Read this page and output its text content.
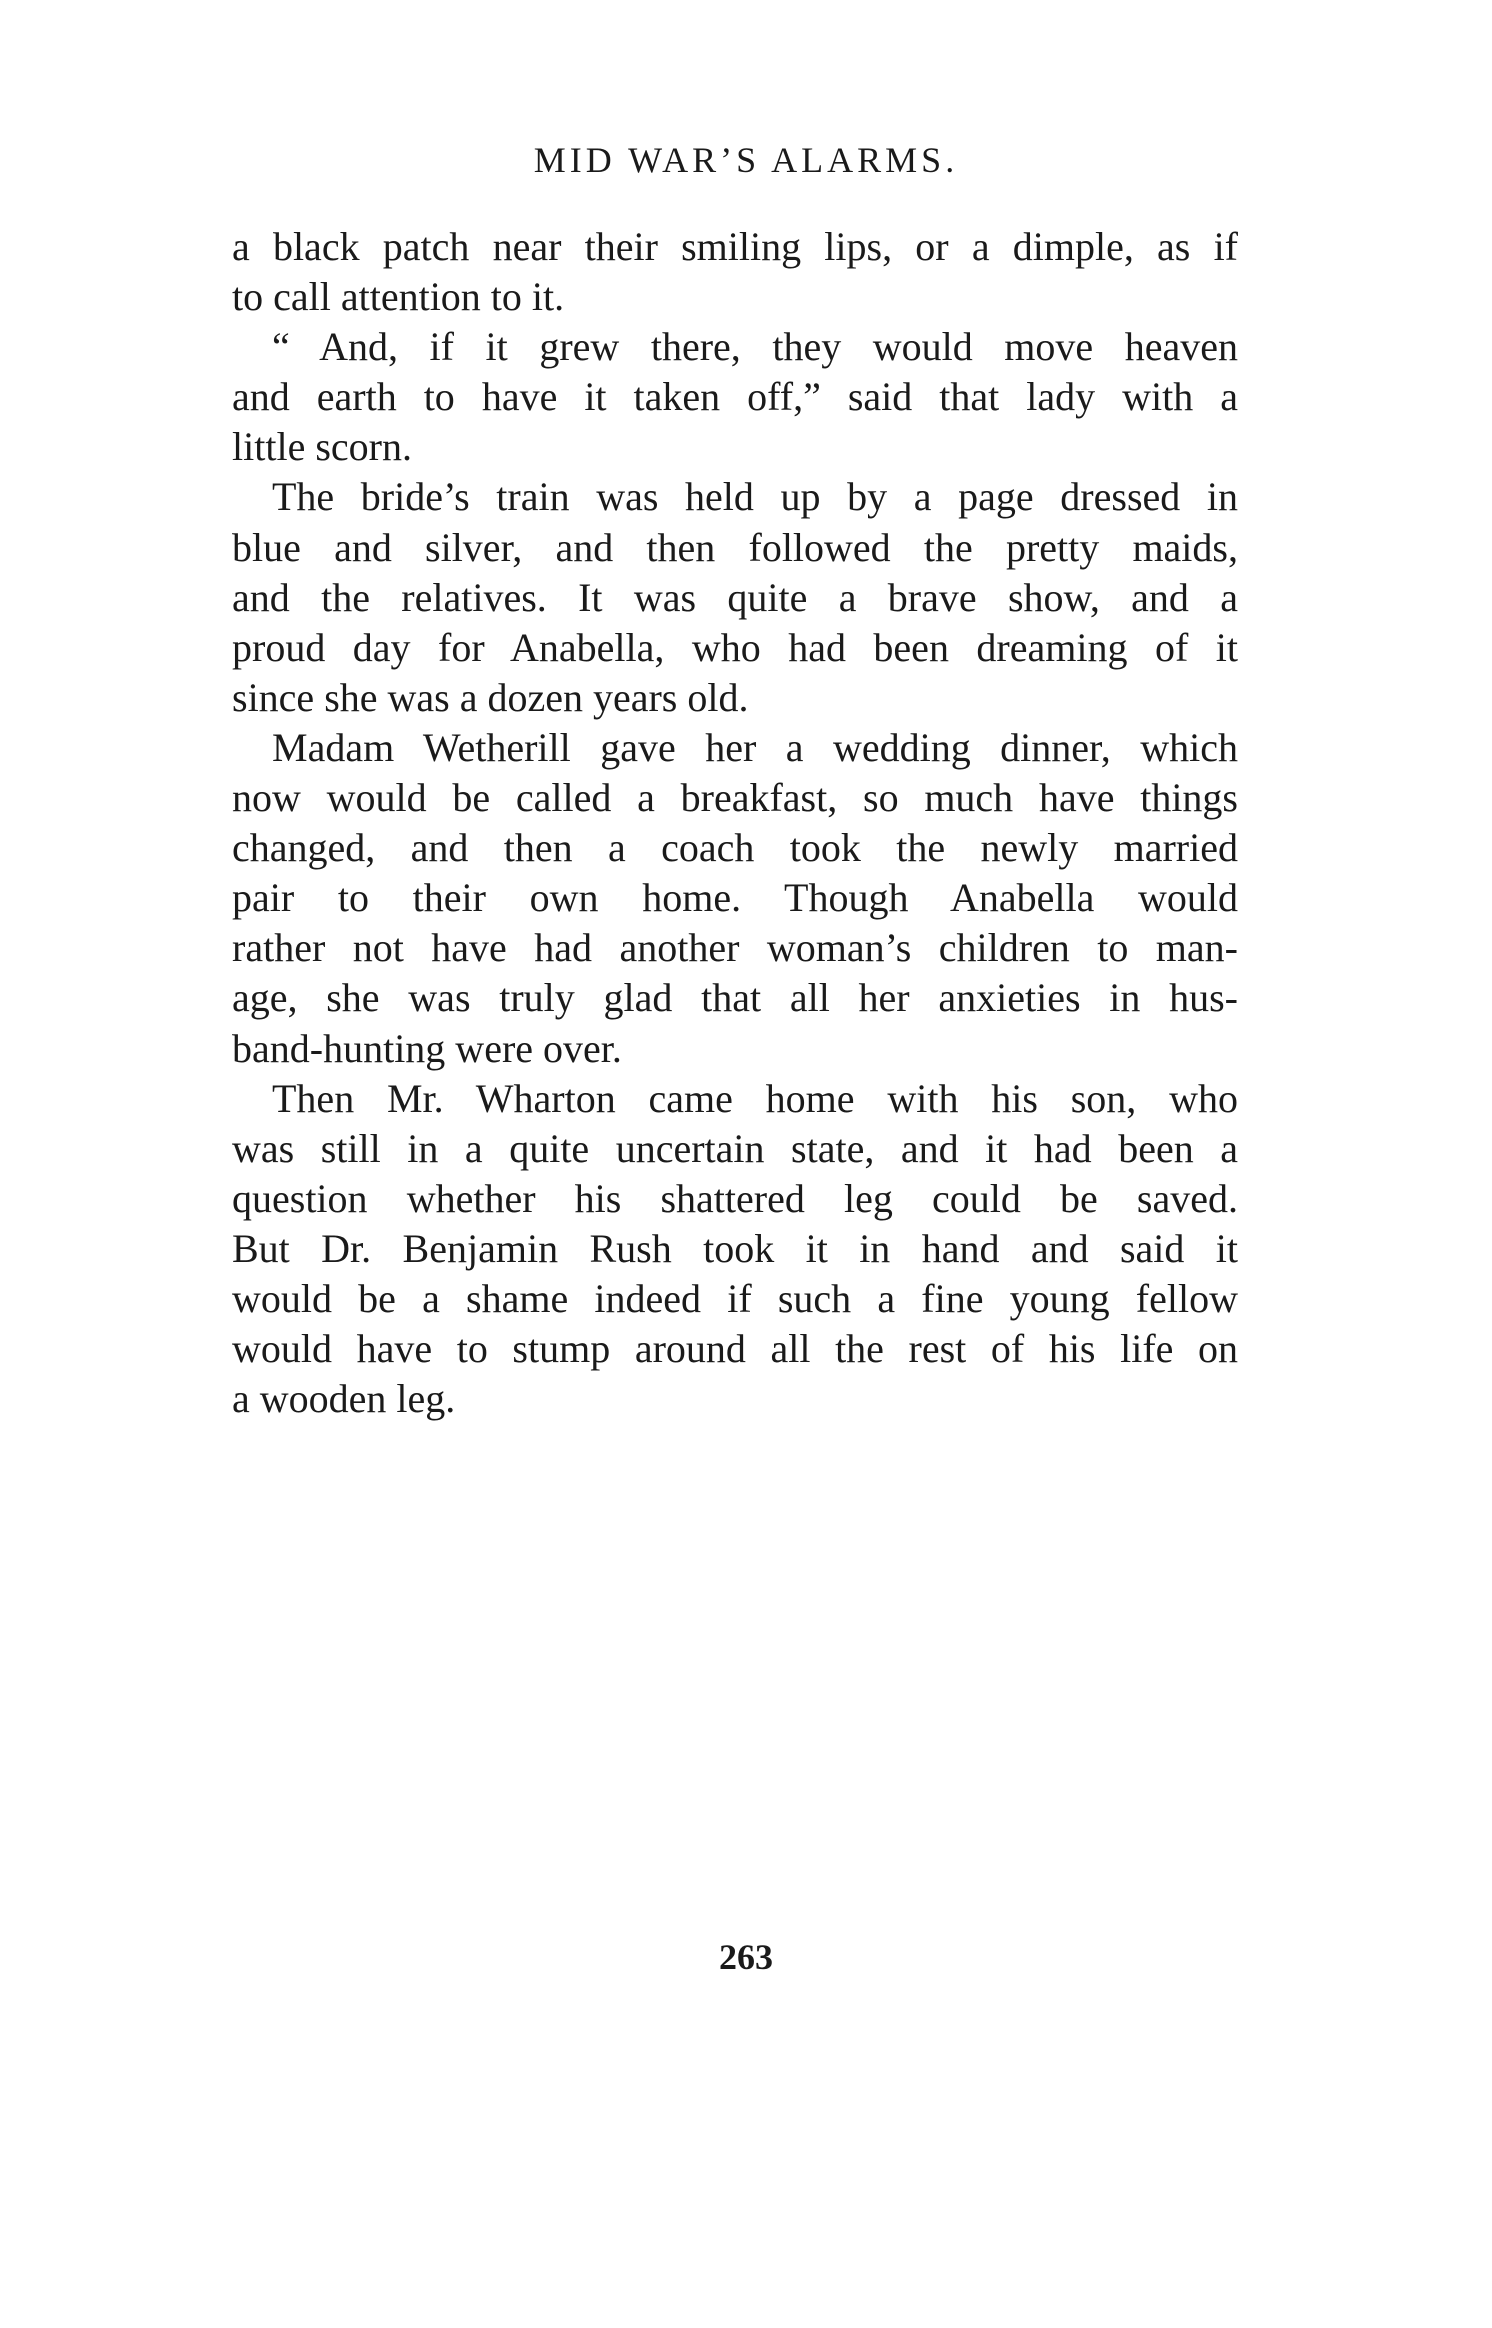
MID WAR’S ALARMS.
a black patch near their smiling lips, or a dimple, as if
to call attention to it.
“ And, if it grew there, they would move heaven
and earth to have it taken off,” said that lady with a
little scorn.
The bride’s train was held up by a page dressed in
blue and silver, and then followed the pretty maids,
and the relatives. It was quite a brave show, and a
proud day for Anabella, who had been dreaming of it
since she was a dozen years old.
Madam Wetherill gave her a wedding dinner, which
now would be called a breakfast, so much have things
changed, and then a coach took the newly married
pair to their own home. Though Anabella would
rather not have had another woman’s children to man-
age, she was truly glad that all her anxieties in hus-
band-hunting were over.
Then Mr. Wharton came home with his son, who
was still in a quite uncertain state, and it had been a
question whether his shattered leg could be saved.
But Dr. Benjamin Rush took it in hand and said it
would be a shame indeed if such a fine young fellow
would have to stump around all the rest of his life on
a wooden leg.
263
